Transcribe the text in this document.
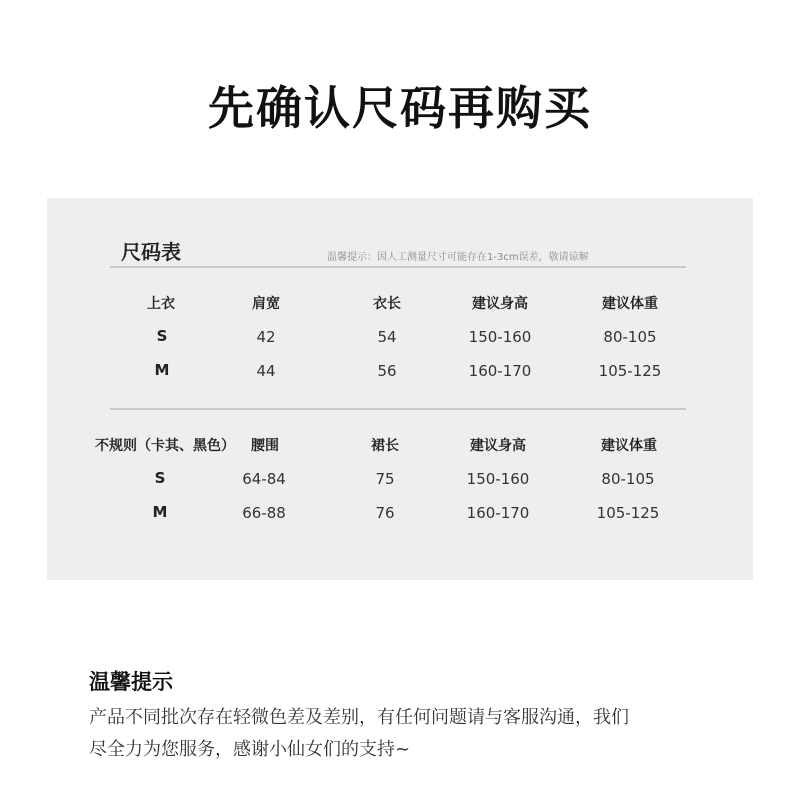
先确认尺码再购买
尺码表	温馨提示：因人工测量尺寸可能存在1-3cm误差，敬请谅解
上衣	肩宽	衣长	建议身高	建议体重
S	42	54	150-160	80-105
M	44	56	160-170	105-125
不规则（卡其、黑色）	腰围	裙长	建议身高	建议体重
S	64-84	75	150-160	80-105
M	66-88	76	160-170	105-125
温馨提示
产品不同批次存在轻微色差及差别，有任何问题请与客服沟通，我们
尽全力为您服务，感谢小仙女们的支持~
